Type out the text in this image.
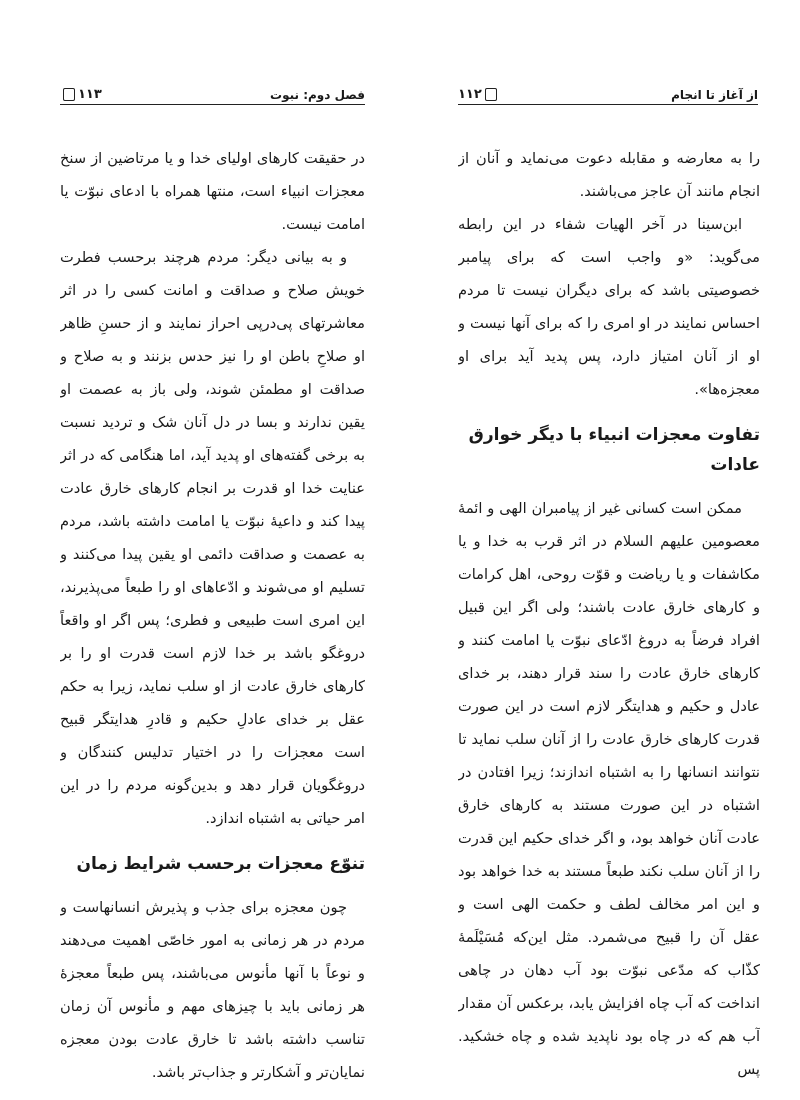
۱۱۳	فصل دوم: نبوت

در حقیقت کارهای اولیای خدا و یا مرتاضین از سنخ معجزات انبیاء است، منتها همراه با ادعای نبوّت یا امامت نیست.

و به بیانی دیگر: مردم هرچند برحسب فطرت خویش صلاح و صداقت و امانت کسی را در اثر معاشرتهای پی‌درپی احراز نمایند و از حسنِ ظاهر او صلاحِ باطن او را نیز حدس بزنند و به صلاح و صداقت او مطمئن شوند، ولی باز به عصمت او یقین ندارند و بسا در دل آنان شک و تردید نسبت به برخی گفته‌های او پدید آید، اما هنگامی که در اثر عنایت خدا او قدرت بر انجام کارهای خارق عادت پیدا کند و داعیهٔ نبوّت یا امامت داشته باشد، مردم به عصمت و صداقت دائمی او یقین پیدا می‌کنند و تسلیم او می‌شوند و ادّعاهای او را طبعاً می‌پذیرند، این امری است طبیعی و فطری؛ پس اگر او واقعاً دروغگو باشد بر خدا لازم است قدرت او را بر کارهای خارق عادت از او سلب نماید، زیرا به حکم عقل بر خدای عادلِ حکیم و قادرِ هدایتگر قبیح است معجزات را در اختیار تدلیس کنندگان و دروغگویان قرار دهد و بدین‌گونه مردم را در این امر حیاتی به اشتباه اندازد.

تنوّع معجزات برحسب شرایط زمان

چون معجزه برای جذب و پذیرش انسانهاست و مردم در هر زمانی به امور خاصّی اهمیت می‌دهند و نوعاً با آنها مأنوس می‌باشند، پس طبعاً معجزهٔ هر زمانی باید با چیزهای مهم و مأنوس آن زمان تناسب داشته باشد تا خارق عادت بودن معجزه نمایان‌تر و آشکارتر و جذاب‌تر باشد.

۱۱۲	از آغاز تا انجام

را به معارضه و مقابله دعوت می‌نماید و آنان از انجام مانند آن عاجز می‌باشند.

ابن‌سینا در آخر الهیات شفاء در این رابطه می‌گوید: «و واجب است که برای پیامبر خصوصیتی باشد که برای دیگران نیست تا مردم احساس نمایند در او امری را که برای آنها نیست و او از آنان امتیاز دارد، پس پدید آید برای او معجزه‌ها».

تفاوت معجزات انبیاء با دیگر خوارق عادات

ممکن است کسانی غیر از پیامبران الهی و ائمهٔ معصومین علیهم السلام در اثر قرب به خدا و یا مکاشفات و یا ریاضت و قوّت روحی، اهل کرامات و کارهای خارق عادت باشند؛ ولی اگر این قبیل افراد فرضاً به دروغ ادّعای نبوّت یا امامت کنند و کارهای خارق عادت را سند قرار دهند، بر خدای عادل و حکیم و هدایتگر لازم است در این صورت قدرت کارهای خارق عادت را از آنان سلب نماید تا نتوانند انسانها را به اشتباه اندازند؛ زیرا افتادن در اشتباه در این صورت مستند به کارهای خارق عادت آنان خواهد بود، و اگر خدای حکیم این قدرت را از آنان سلب نکند طبعاً مستند به خدا خواهد بود و این امر مخالف لطف و حکمت الهی است و عقل آن را قبیح می‌شمرد. مثل این‌که مُسَیْلَمهٔ کذّاب که مدّعی نبوّت بود آب دهان در چاهی انداخت که آب چاه افزایش یابد، برعکس آن مقدار آب هم که در چاه بود ناپدید شده و چاه خشکید. پس
